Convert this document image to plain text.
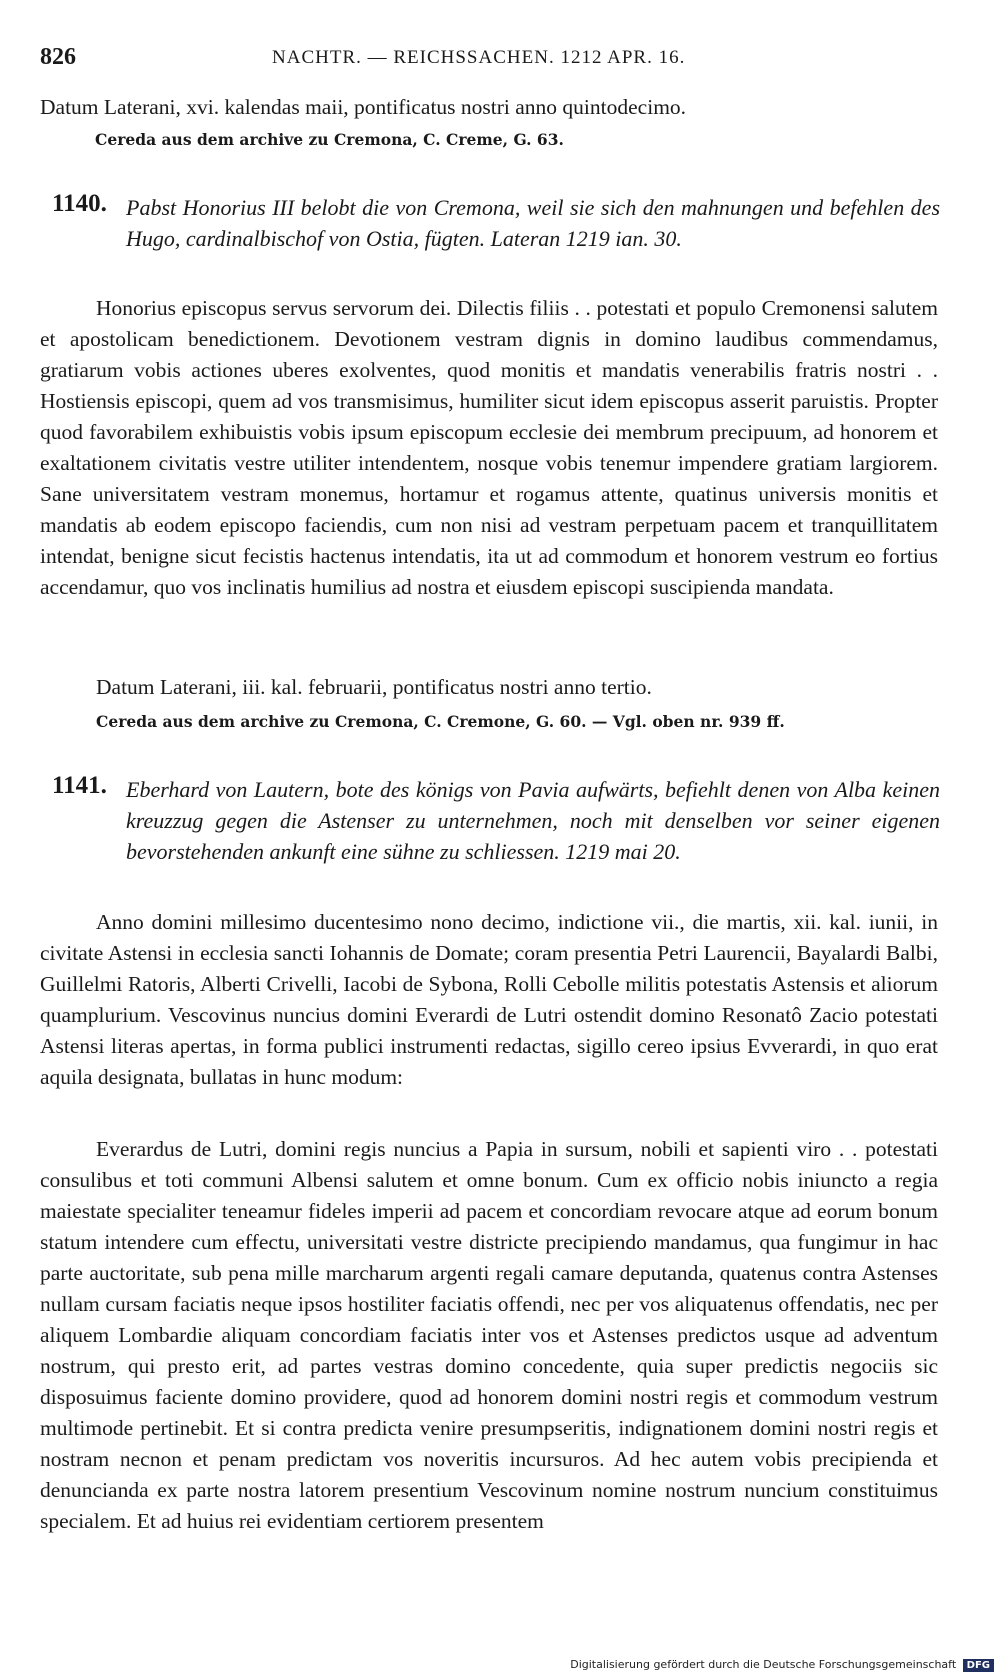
826	NACHTR. — REICHSSACHEN. 1212 APR. 16.
Datum Laterani, xvi. kalendas maii, pontificatus nostri anno quintodecimo.
Cereda aus dem archive zu Cremona, C. Creme, G. 63.
1140. Pabst Honorius III belobt die von Cremona, weil sie sich den mahnungen und befehlen des Hugo, cardinalbischof von Ostia, fügten. Lateran 1219 ian. 30.
Honorius episcopus servus servorum dei. Dilectis filiis . . potestati et populo Cremonensi salutem et apostolicam benedictionem. Devotionem vestram dignis in domino laudibus commendamus, gratiarum vobis actiones uberes exolventes, quod monitis et mandatis venerabilis fratris nostri . . Hostiensis episcopi, quem ad vos transmisimus, humiliter sicut idem episcopus asserit paruistis. Propter quod favorabilem exhibuistis vobis ipsum episcopum ecclesie dei membrum precipuum, ad honorem et exaltationem civitatis vestre utiliter intendentem, nosque vobis tenemur impendere gratiam largiorem. Sane universitatem vestram monemus, hortamur et rogamus attente, quatinus universis monitis et mandatis ab eodem episcopo faciendis, cum non nisi ad vestram perpetuam pacem et tranquillitatem intendat, benigne sicut fecistis hactenus intendatis, ita ut ad commodum et honorem vestrum eo fortius accendamur, quo vos inclinatis humilius ad nostra et eiusdem episcopi suscipienda mandata.
Datum Laterani, iii. kal. februarii, pontificatus nostri anno tertio.
Cereda aus dem archive zu Cremona, C. Cremone, G. 60. — Vgl. oben nr. 939 ff.
1141. Eberhard von Lautern, bote des königs von Pavia aufwärts, befiehlt denen von Alba keinen kreuzzug gegen die Astenser zu unternehmen, noch mit denselben vor seiner eigenen bevorstehenden ankunft eine sühne zu schliessen. 1219 mai 20.
Anno domini millesimo ducentesimo nono decimo, indictione vii., die martis, xii. kal. iunii, in civitate Astensi in ecclesia sancti Iohannis de Domate; coram presentia Petri Laurencii, Bayalardi Balbi, Guillelmi Ratoris, Alberti Crivelli, Iacobi de Sybona, Rolli Cebolle militis potestatis Astensis et aliorum quamplurium. Vescovinus nuncius domini Everardi de Lutri ostendit domino Resonatô Zacio potestati Astensi literas apertas, in forma publici instrumenti redactas, sigillo cereo ipsius Evverardi, in quo erat aquila designata, bullatas in hunc modum:
Everardus de Lutri, domini regis nuncius a Papia in sursum, nobili et sapienti viro . . potestati consulibus et toti communi Albensi salutem et omne bonum. Cum ex officio nobis iniuncto a regia maiestate specialiter teneamur fideles imperii ad pacem et concordiam revocare atque ad eorum bonum statum intendere cum effectu, universitati vestre districte precipiendo mandamus, qua fungimur in hac parte auctoritate, sub pena mille marcharum argenti regali camare deputanda, quatenus contra Astenses nullam cursam faciatis neque ipsos hostiliter faciatis offendi, nec per vos aliquatenus offendatis, nec per aliquem Lombardie aliquam concordiam faciatis inter vos et Astenses predictos usque ad adventum nostrum, qui presto erit, ad partes vestras domino concedente, quia super predictis negociis sic disposuimus faciente domino providere, quod ad honorem domini nostri regis et commodum vestrum multimode pertinebit. Et si contra predicta venire presumpseritis, indignationem domini nostri regis et nostram necnon et penam predictam vos noveritis incursuros. Ad hec autem vobis precipienda et denuncianda ex parte nostra latorem presentium Vescovinum nomine nostrum nuncium constituimus specialem. Et ad huius rei evidentiam certiorem presentem
Digitalisierung gefördert durch die Deutsche Forschungsgemeinschaft DFG
